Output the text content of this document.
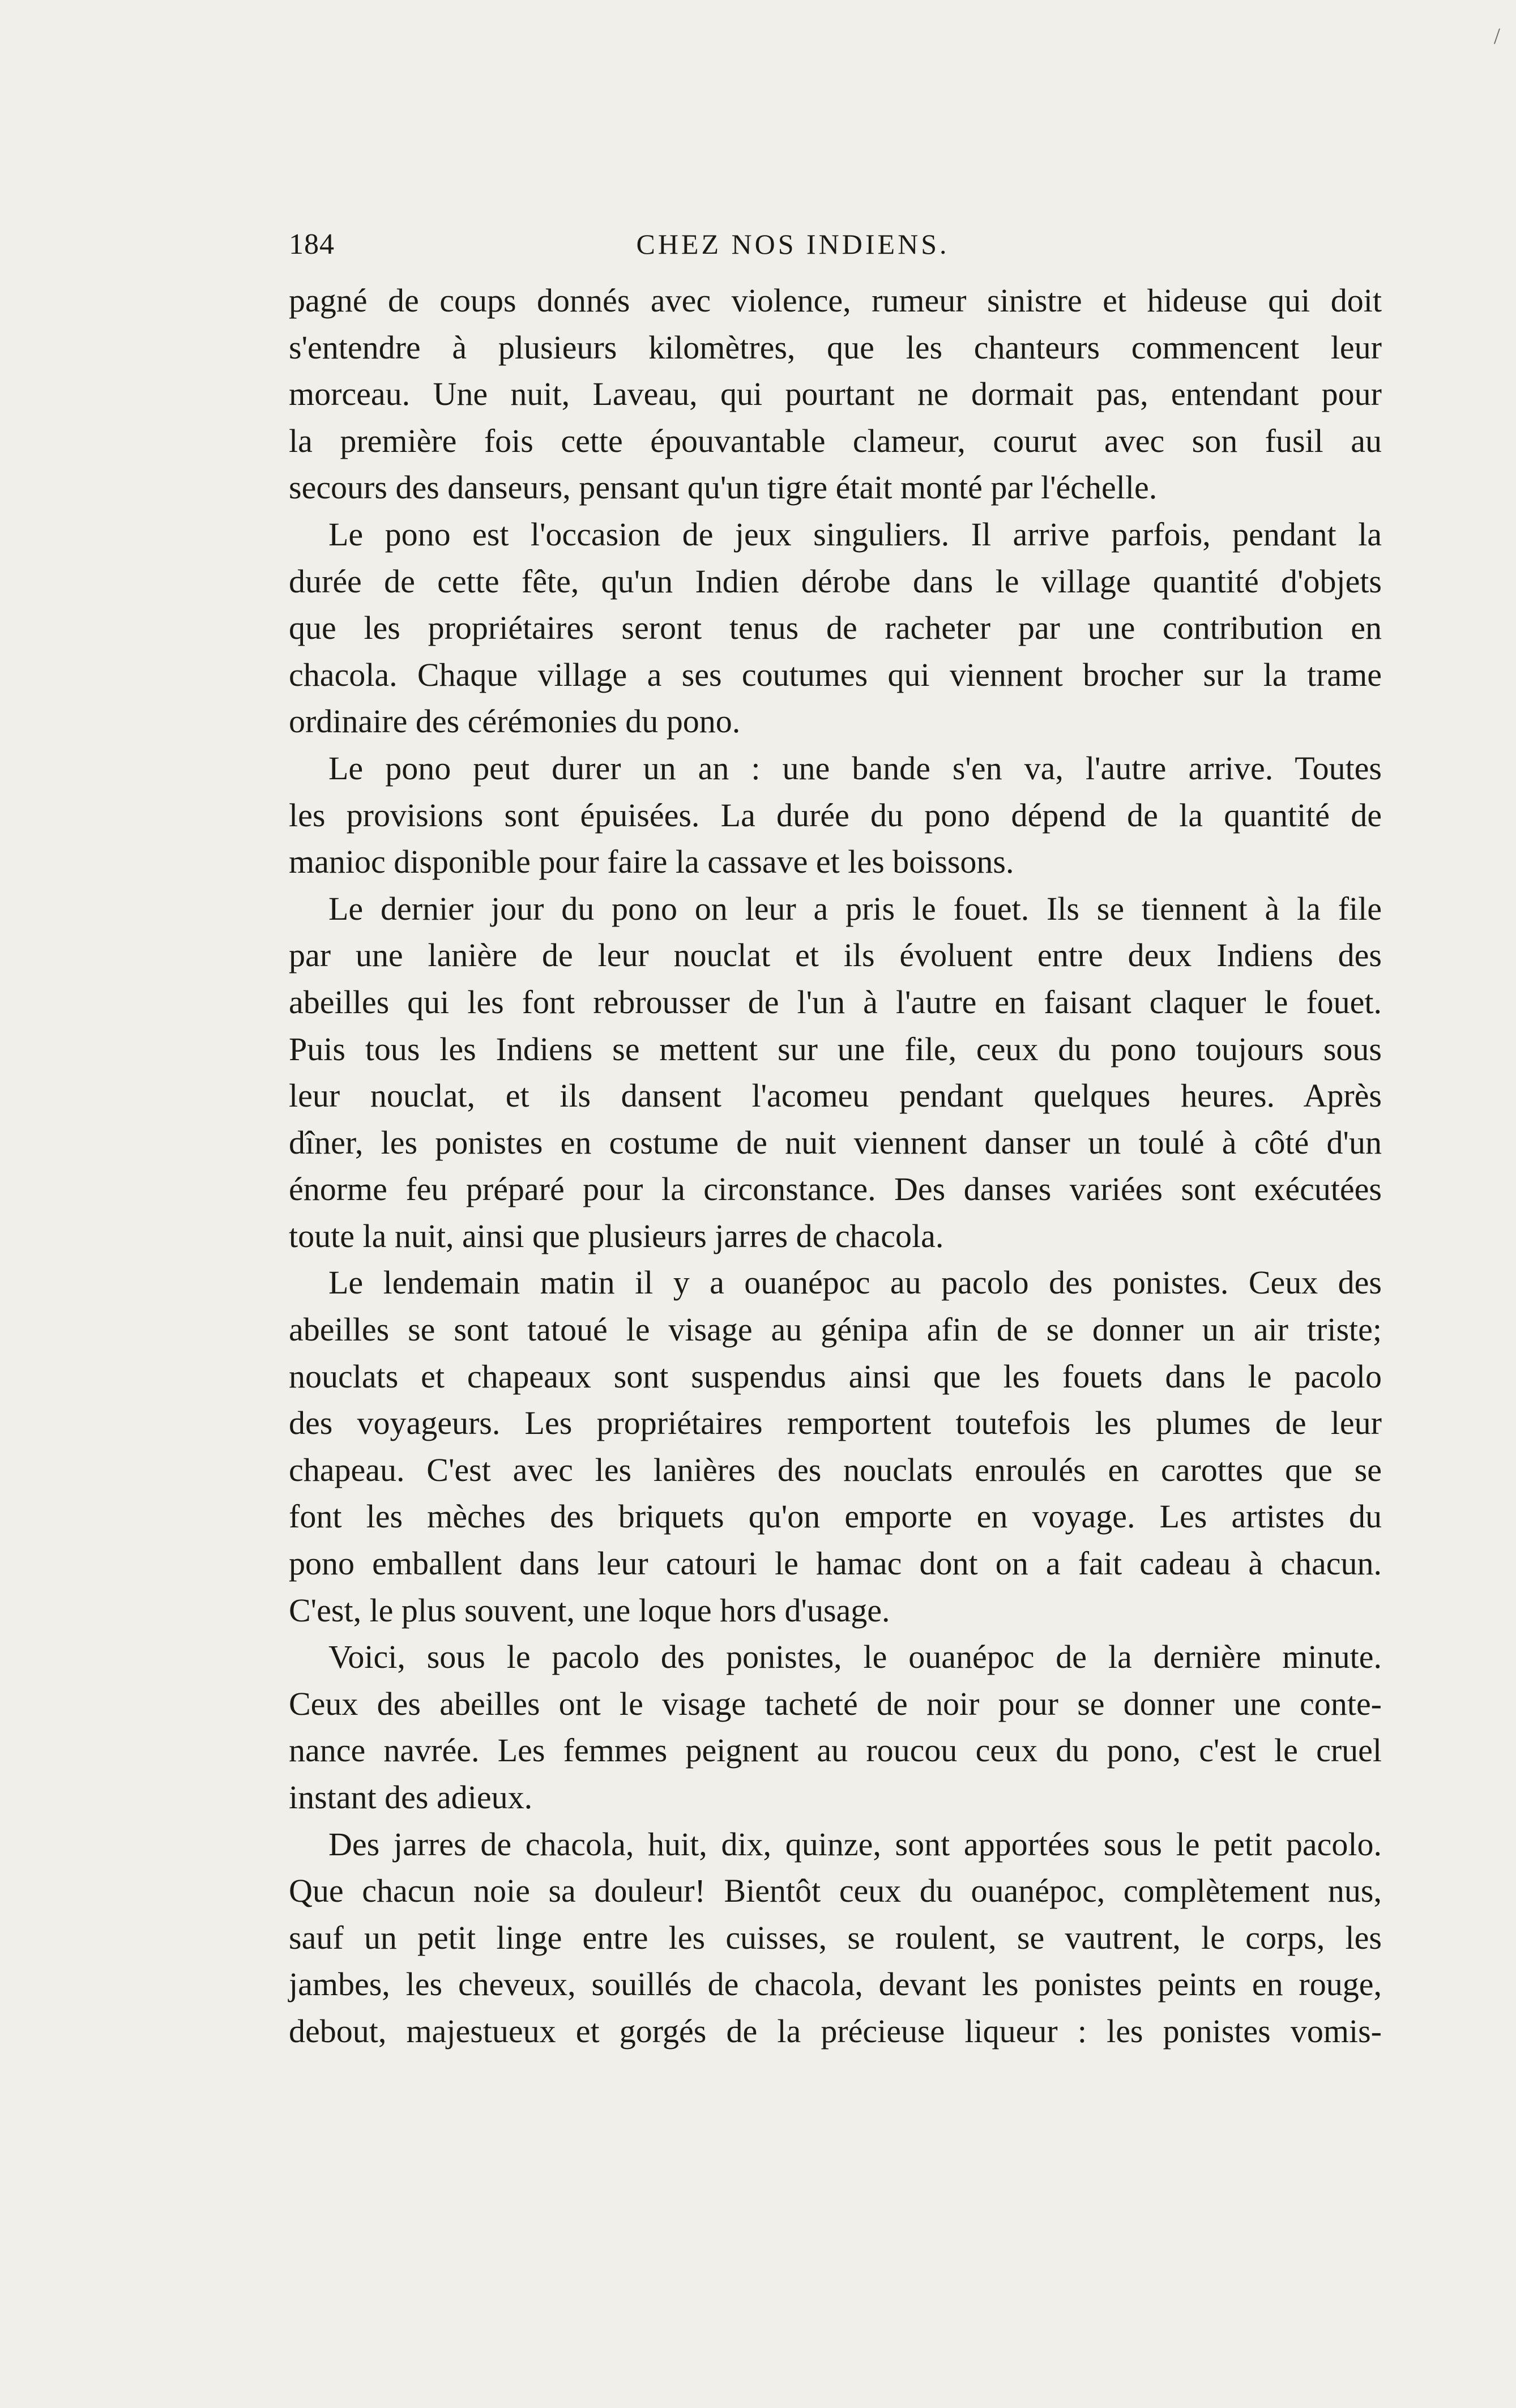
/
184	CHEZ NOS INDIENS.
pagné de coups donnés avec violence, rumeur sinistre et hideuse qui doit
s'entendre à plusieurs kilomètres, que les chanteurs commencent leur
morceau. Une nuit, Laveau, qui pourtant ne dormait pas, entendant pour
la première fois cette épouvantable clameur, courut avec son fusil au
secours des danseurs, pensant qu'un tigre était monté par l'échelle.
Le pono est l'occasion de jeux singuliers. Il arrive parfois, pendant la
durée de cette fête, qu'un Indien dérobe dans le village quantité d'objets
que les propriétaires seront tenus de racheter par une contribution en
chacola. Chaque village a ses coutumes qui viennent brocher sur la trame
ordinaire des cérémonies du pono.
Le pono peut durer un an : une bande s'en va, l'autre arrive. Toutes
les provisions sont épuisées. La durée du pono dépend de la quantité de
manioc disponible pour faire la cassave et les boissons.
Le dernier jour du pono on leur a pris le fouet. Ils se tiennent à la file
par une lanière de leur nouclat et ils évoluent entre deux Indiens des
abeilles qui les font rebrousser de l'un à l'autre en faisant claquer le fouet.
Puis tous les Indiens se mettent sur une file, ceux du pono toujours sous
leur nouclat, et ils dansent l'acomeu pendant quelques heures. Après
dîner, les ponistes en costume de nuit viennent danser un toulé à côté d'un
énorme feu préparé pour la circonstance. Des danses variées sont exécutées
toute la nuit, ainsi que plusieurs jarres de chacola.
Le lendemain matin il y a ouanépoc au pacolo des ponistes. Ceux des
abeilles se sont tatoué le visage au génipa afin de se donner un air triste;
nouclats et chapeaux sont suspendus ainsi que les fouets dans le pacolo
des voyageurs. Les propriétaires remportent toutefois les plumes de leur
chapeau. C'est avec les lanières des nouclats enroulés en carottes que se
font les mèches des briquets qu'on emporte en voyage. Les artistes du
pono emballent dans leur catouri le hamac dont on a fait cadeau à chacun.
C'est, le plus souvent, une loque hors d'usage.
Voici, sous le pacolo des ponistes, le ouanépoc de la dernière minute.
Ceux des abeilles ont le visage tacheté de noir pour se donner une conte-
nance navrée. Les femmes peignent au roucou ceux du pono, c'est le cruel
instant des adieux.
Des jarres de chacola, huit, dix, quinze, sont apportées sous le petit pacolo.
Que chacun noie sa douleur! Bientôt ceux du ouanépoc, complètement nus,
sauf un petit linge entre les cuisses, se roulent, se vautrent, le corps, les
jambes, les cheveux, souillés de chacola, devant les ponistes peints en rouge,
debout, majestueux et gorgés de la précieuse liqueur : les ponistes vomis-
